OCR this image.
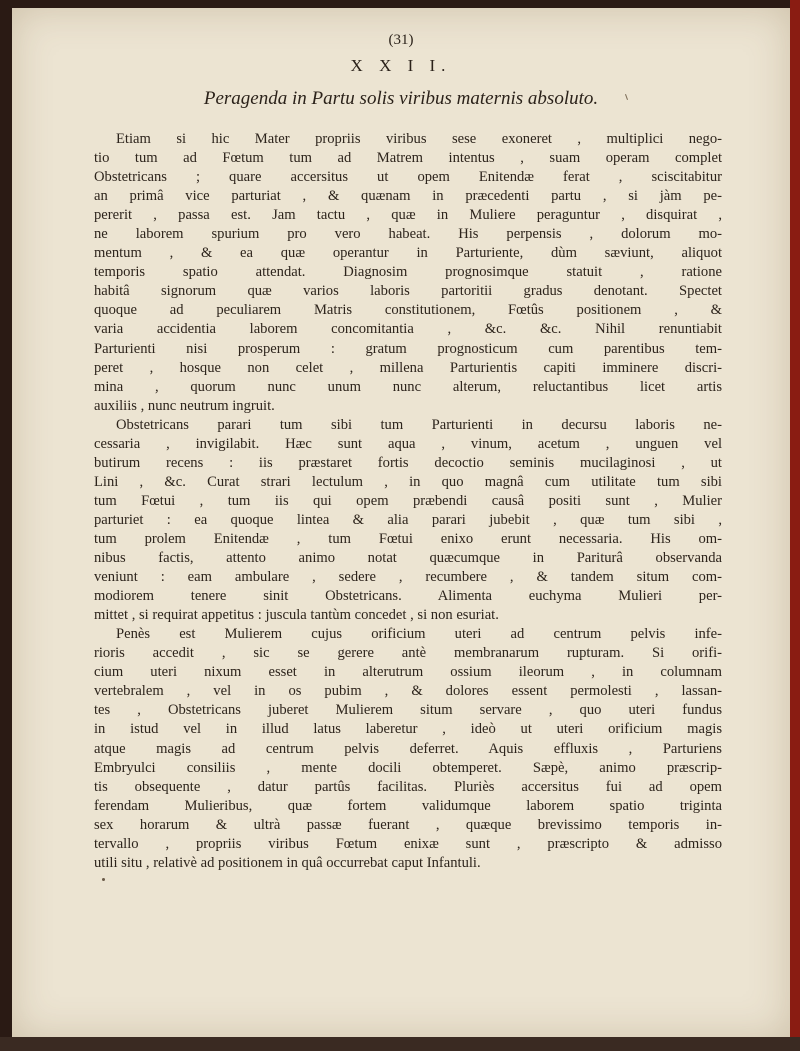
(31)
X X I I.
Peragenda in Partu solis viribus maternis absoluto.
Etiam si hic Mater propriis viribus sese exoneret , multiplici nego-
tio tum ad Fœtum tum ad Matrem intentus , suam operam complet
Obstetricans ; quare accersitus ut opem Enitendæ ferat , sciscitabitur
an primâ vice parturiat , & quænam in præcedenti partu , si jàm pe-
pererit , passa est. Jam tactu , quæ in Muliere peraguntur , disquirat ,
ne laborem spurium pro vero habeat. His perpensis , dolorum mo-
mentum , & ea quæ operantur in Parturiente, dùm sæviunt, aliquot
temporis spatio attendat. Diagnosim prognosimque statuit , ratione
habitâ signorum quæ varios laboris partoritii gradus denotant. Spectet
quoque ad peculiarem Matris constitutionem, Fœtûs positionem , &
varia accidentia laborem concomitantia , &c. &c. Nihil renuntiabit
Parturienti nisi prosperum : gratum prognosticum cum parentibus tem-
peret , hosque non celet , millena Parturientis capiti imminere discri-
mina , quorum nunc unum nunc alterum, reluctantibus licet artis
auxiliis , nunc neutrum ingruit.
Obstetricans parari tum sibi tum Parturienti in decursu laboris ne-
cessaria , invigilabit. Hæc sunt aqua , vinum, acetum , unguen vel
butirum recens : iis præstaret fortis decoctio seminis mucilaginosi , ut
Lini , &c. Curat strari lectulum , in quo magnâ cum utilitate tum sibi
tum Fœtui , tum iis qui opem præbendi causâ positi sunt , Mulier
parturiet : ea quoque lintea & alia parari jubebit , quæ tum sibi ,
tum prolem Enitendæ , tum Fœtui enixo erunt necessaria. His om-
nibus factis, attento animo notat quæcumque in Pariturâ observanda
veniunt : eam ambulare , sedere , recumbere , & tandem situm com-
modiorem tenere sinit Obstetricans. Alimenta euchyma Mulieri per-
mittet , si requirat appetitus : jusculа tantùm concedet , si non esuriat.
Penès est Mulierem cujus orificium uteri ad centrum pelvis infe-
rioris accedit , sic se gerere antè membranarum rupturam. Si orifi-
cium uteri nixum esset in alterutrum ossium ileorum , in columnam
vertebralem , vel in os pubim , & dolores essent permolesti , lassan-
tes , Obstetricans juberet Mulierem situm servare , quo uteri fundus
in istud vel in illud latus laberetur , ideò ut uteri orificium magis
atque magis ad centrum pelvis deferret. Aquis effluxis , Parturiens
Embryulci consiliis , mente docili obtemperet. Sæpè, animo præscrip-
tis obsequente , datur partûs facilitas. Pluriès accersitus fui ad opem
ferendam Mulieribus, quæ fortem validumque laborem spatio triginta
sex horarum & ultrà passæ fuerant , quæque brevissimo temporis in-
tervallo , propriis viribus Fœtum enixæ sunt , præscripto & admisso
utili situ , relativè ad positionem in quâ occurrebat caput Infantuli.
